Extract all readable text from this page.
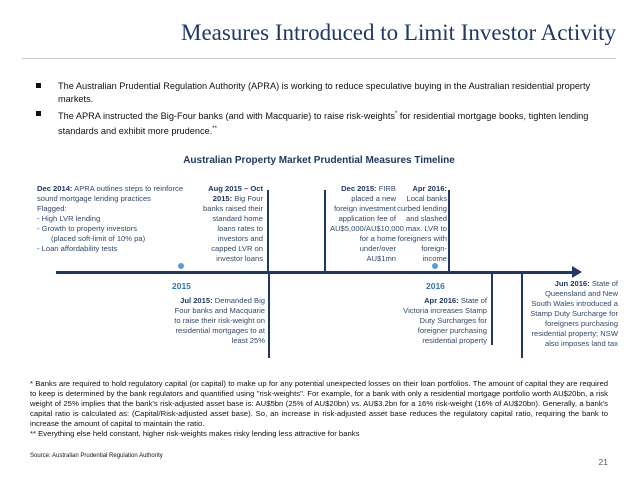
Measures Introduced to Limit Investor Activity
The Australian Prudential Regulation Authority (APRA) is working to reduce speculative buying in the Australian residential property markets.
The APRA instructed the Big-Four banks (and with Macquarie) to raise risk-weights* for residential mortgage books, tighten lending standards and exhibit more prudence.**
Australian Property Market Prudential Measures Timeline
2015	2016
Dec 2014: APRA outlines steps to reinforce sound mortgage lending practices
Flagged:
- High LVR lending
- Growth to property investors
(placed soft-limit of 10% pa)
- Loan affordability tests
Aug 2015 – Oct 2015: Big Four banks raised their standard home loans rates to investors and capped LVR on investor loans
Dec 2015: FIRB placed a new foreign investment application fee of AU$5,000/AU$10,000 for a home under/over AU$1mn
Apr 2016: Local banks curbed lending and slashed max. LVR to foreigners with foreign-income
Jul 2015: Demanded Big Four banks and Macquarie to raise their risk-weight on residential mortgages to at least 25%
Apr 2016: State of Victoria increases Stamp Duty Surcharges for foreigner purchasing residential property
Jun 2016: State of Queensland and New South Wales introduced a Stamp Duty Surcharge for foreigners purchasing residential property; NSW also imposes land tax

* Banks are required to hold regulatory capital (or capital) to make up for any potential unexpected losses on their loan portfolios. The amount of capital they are required to keep is determined by the bank regulators and quantified using "risk-weights". For example, for a bank with only a residential mortgage portfolio worth AU$20bn, a risk weight of 25% implies that the bank's risk-adjusted asset base is: AU$5bn (25% of AU$20bn) vs. AU$3.2bn for a 16% risk-weight (16% of AU$20bn). Generally, a bank's capital ratio is calculated as: (Capital/Risk-adjusted asset base). So, an increase in risk-adjusted asset base reduces the regulatory capital ratio, requiring the bank to increase the amount of capital to maintain the ratio.

** Everything else held constant, higher risk-weights makes risky lending less attractive for banks

Source: Australian Prudential Regulation Authority
21
